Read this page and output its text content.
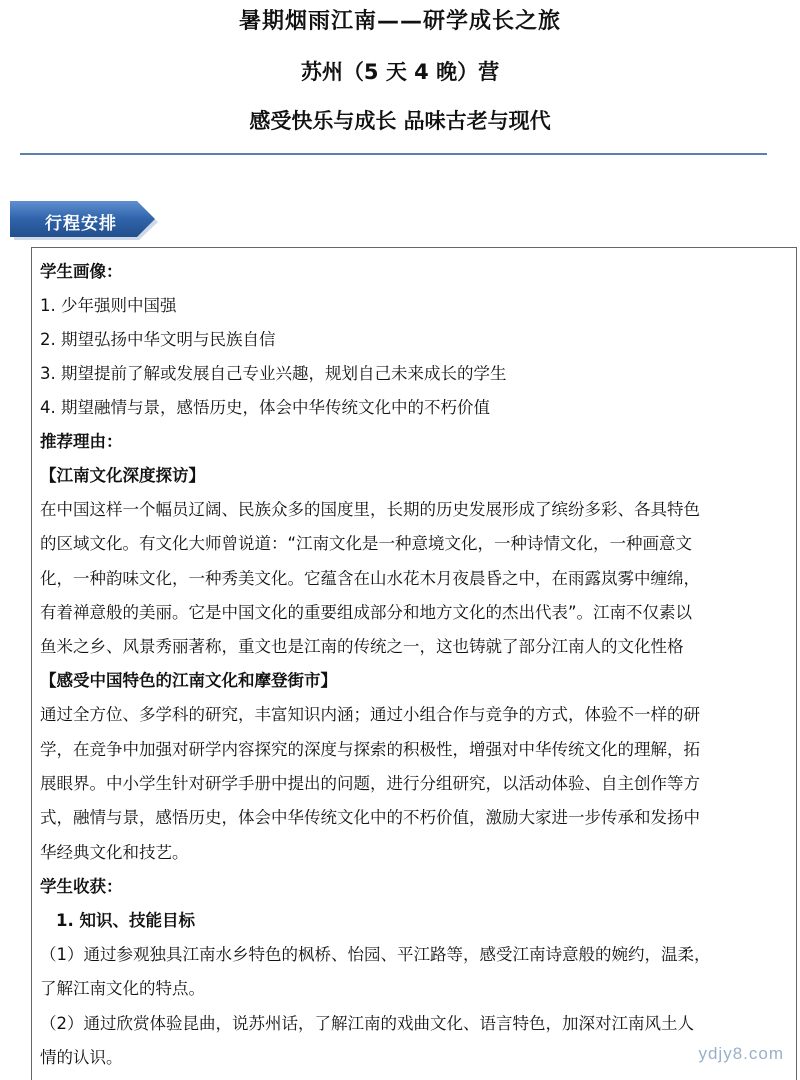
暑期烟雨江南——研学成长之旅
苏州（5 天 4 晚）营
感受快乐与成长 品味古老与现代
行程安排
学生画像：
1. 少年强则中国强
2. 期望弘扬中华文明与民族自信
3. 期望提前了解或发展自己专业兴趣，规划自己未来成长的学生
4. 期望融情与景，感悟历史，体会中华传统文化中的不朽价值
推荐理由：
【江南文化深度探访】
在中国这样一个幅员辽阔、民族众多的国度里，长期的历史发展形成了缤纷多彩、各具特色
的区域文化。有文化大师曾说道：“江南文化是一种意境文化，一种诗情文化，一种画意文
化，一种韵味文化，一种秀美文化。它蕴含在山水花木月夜晨昏之中，在雨露岚雾中缠绵，
有着禅意般的美丽。它是中国文化的重要组成部分和地方文化的杰出代表”。江南不仅素以
鱼米之乡、风景秀丽著称，重文也是江南的传统之一，这也铸就了部分江南人的文化性格
【感受中国特色的江南文化和摩登街市】
通过全方位、多学科的研究，丰富知识内涵；通过小组合作与竞争的方式，体验不一样的研
学，在竞争中加强对研学内容探究的深度与探索的积极性，增强对中华传统文化的理解，拓
展眼界。中小学生针对研学手册中提出的问题，进行分组研究，以活动体验、自主创作等方
式，融情与景，感悟历史，体会中华传统文化中的不朽价值，激励大家进一步传承和发扬中
华经典文化和技艺。
学生收获：
1. 知识、技能目标
（1）通过参观独具江南水乡特色的枫桥、怡园、平江路等，感受江南诗意般的婉约，温柔，
了解江南文化的特点。
（2）通过欣赏体验昆曲，说苏州话，了解江南的戏曲文化、语言特色，加深对江南风土人
情的认识。	ydjy8.com
